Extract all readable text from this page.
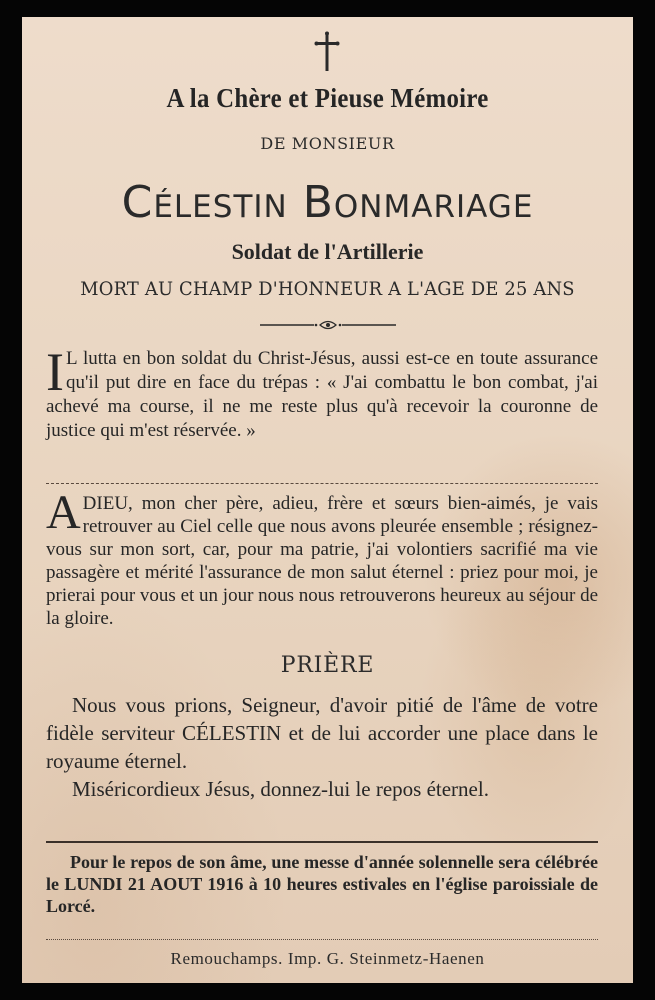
A la Chère et Pieuse Mémoire
DE MONSIEUR
Célestin Bonmariage
Soldat de l'Artillerie
MORT AU CHAMP D'HONNEUR A L'AGE DE 25 ANS
I L lutta en bon soldat du Christ-Jésus, aussi est-ce en toute assurance qu'il put dire en face du trépas : « J'ai combattu le bon combat, j'ai achevé ma course, il ne me reste plus qu'à recevoir la couronne de justice qui m'est réservée. »
ADIEU, mon cher père, adieu, frère et sœurs bien-aimés, je vais retrouver au Ciel celle que nous avons pleurée ensemble ; résignez-vous sur mon sort, car, pour ma patrie, j'ai volontiers sacrifié ma vie passagère et mérité l'assurance de mon salut éternel : priez pour moi, je prierai pour vous et un jour nous nous retrouverons heureux au séjour de la gloire.
PRIÈRE

Nous vous prions, Seigneur, d'avoir pitié de l'âme de votre fidèle serviteur CÉLESTIN et de lui accorder une place dans le royaume éternel.

Miséricordieux Jésus, donnez-lui le repos éternel.

Pour le repos de son âme, une messe d'année solennelle sera célébrée le LUNDI 21 AOUT 1916 à 10 heures estivales en l'église paroissiale de Lorcé.
Remouchamps. Imp. G. Steinmetz-Haenen
